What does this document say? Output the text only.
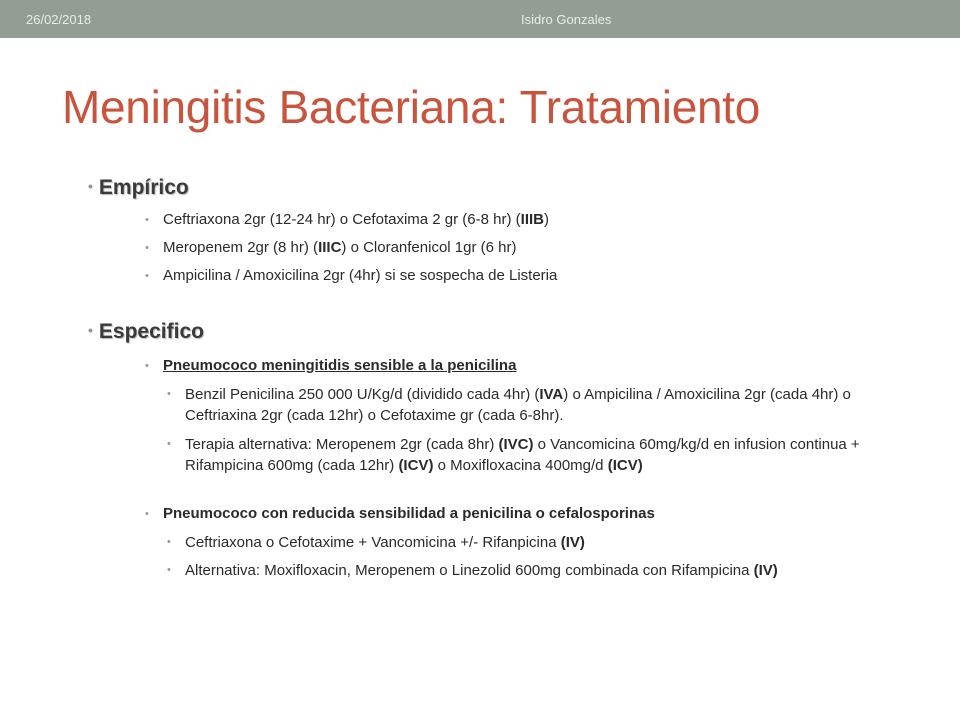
26/02/2018	Isidro Gonzales
Meningitis Bacteriana: Tratamiento
• Empírico
• Ceftriaxona 2gr (12-24 hr) o Cefotaxima 2 gr (6-8 hr) (IIIB)
• Meropenem 2gr (8 hr) (IIIC) o Cloranfenicol 1gr (6 hr)
• Ampicilina / Amoxicilina 2gr (4hr) si se sospecha de Listeria
• Especifico
• Pneumococo meningitidis sensible a la penicilina
• Benzil Penicilina 250 000 U/Kg/d (dividido cada 4hr) (IVA) o Ampicilina / Amoxicilina 2gr (cada 4hr) o Ceftriaxina 2gr (cada 12hr) o Cefotaxime gr (cada 6-8hr).
• Terapia alternativa: Meropenem 2gr (cada 8hr) (IVC) o Vancomicina 60mg/kg/d en infusion continua + Rifampicina 600mg (cada 12hr) (ICV) o Moxifloxacina 400mg/d (ICV)
• Pneumococo con reducida sensibilidad a penicilina o cefalosporinas
• Ceftriaxona o Cefotaxime + Vancomicina +/- Rifanpicina (IV)
• Alternativa: Moxifloxacin, Meropenem o Linezolid 600mg combinada con Rifampicina (IV)
